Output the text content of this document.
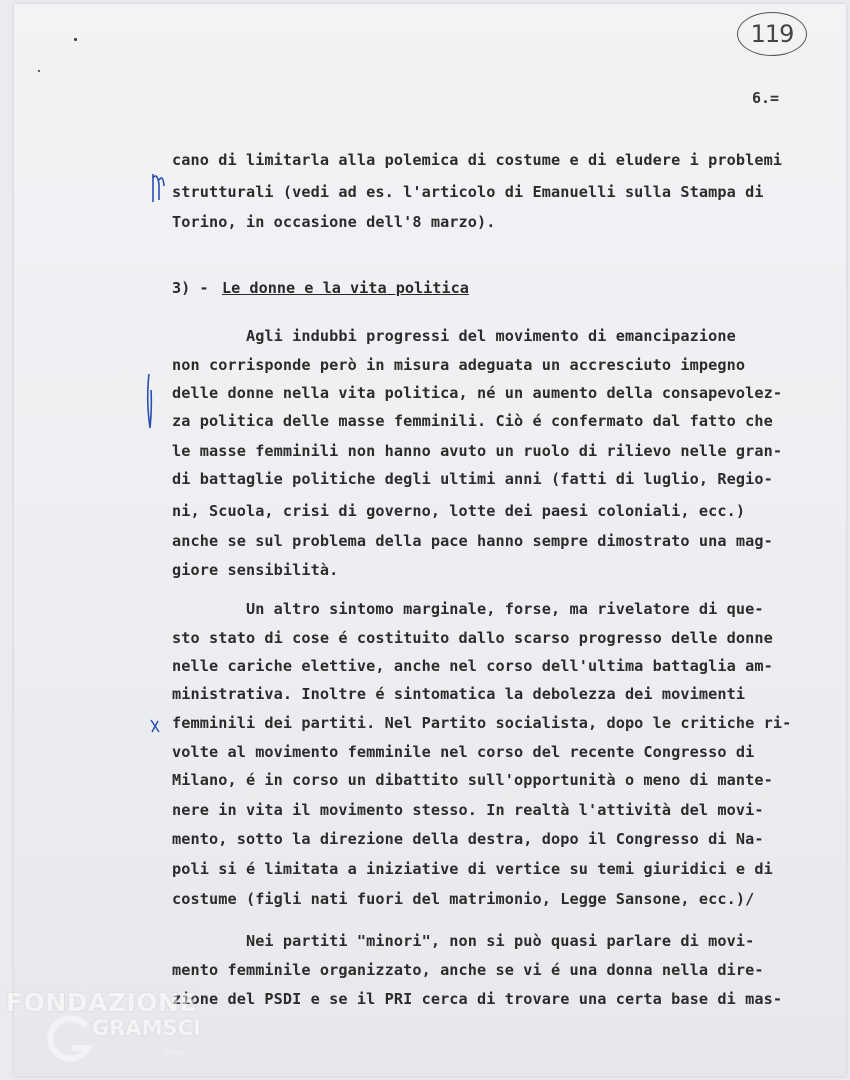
119
6.=
cano di limitarla alla polemica di costume e di eludere i problemi
strutturali (vedi ad es. l'articolo di Emanuelli sulla Stampa di
Torino, in occasione dell'8 marzo).
3) - Le donne e la vita politica
Agli indubbi progressi del movimento di emancipazione
non corrisponde però in misura adeguata un accresciuto impegno
delle donne nella vita politica, né un aumento della consapevolez-
za politica delle masse femminili. Ciò é confermato dal fatto che
le masse femminili non hanno avuto un ruolo di rilievo nelle gran-
di battaglie politiche degli ultimi anni (fatti di luglio, Regio-
ni, Scuola, crisi di governo, lotte dei paesi coloniali, ecc.)
anche se sul problema della pace hanno sempre dimostrato una mag-
giore sensibilità.
Un altro sintomo marginale, forse, ma rivelatore di que-
sto stato di cose é costituito dallo scarso progresso delle donne
nelle cariche elettive, anche nel corso dell'ultima battaglia am-
ministrativa. Inoltre é sintomatica la debolezza dei movimenti
femminili dei partiti. Nel Partito socialista, dopo le critiche ri-
volte al movimento femminile nel corso del recente Congresso di
Milano, é in corso un dibattito sull'opportunità o meno di mante-
nere in vita il movimento stesso. In realtà l'attività del movi-
mento, sotto la direzione della destra, dopo il Congresso di Na-
poli si é limitata a iniziative di vertice su temi giuridici e di
costume (figli nati fuori del matrimonio, Legge Sansone, ecc.)/
Nei partiti "minori", non si può quasi parlare di movi-
mento femminile organizzato, anche se vi é una donna nella dire-
zione del PSDI e se il PRI cerca di trovare una certa base di mas-
FONDAZIONE
GRAMSCI
onlus
